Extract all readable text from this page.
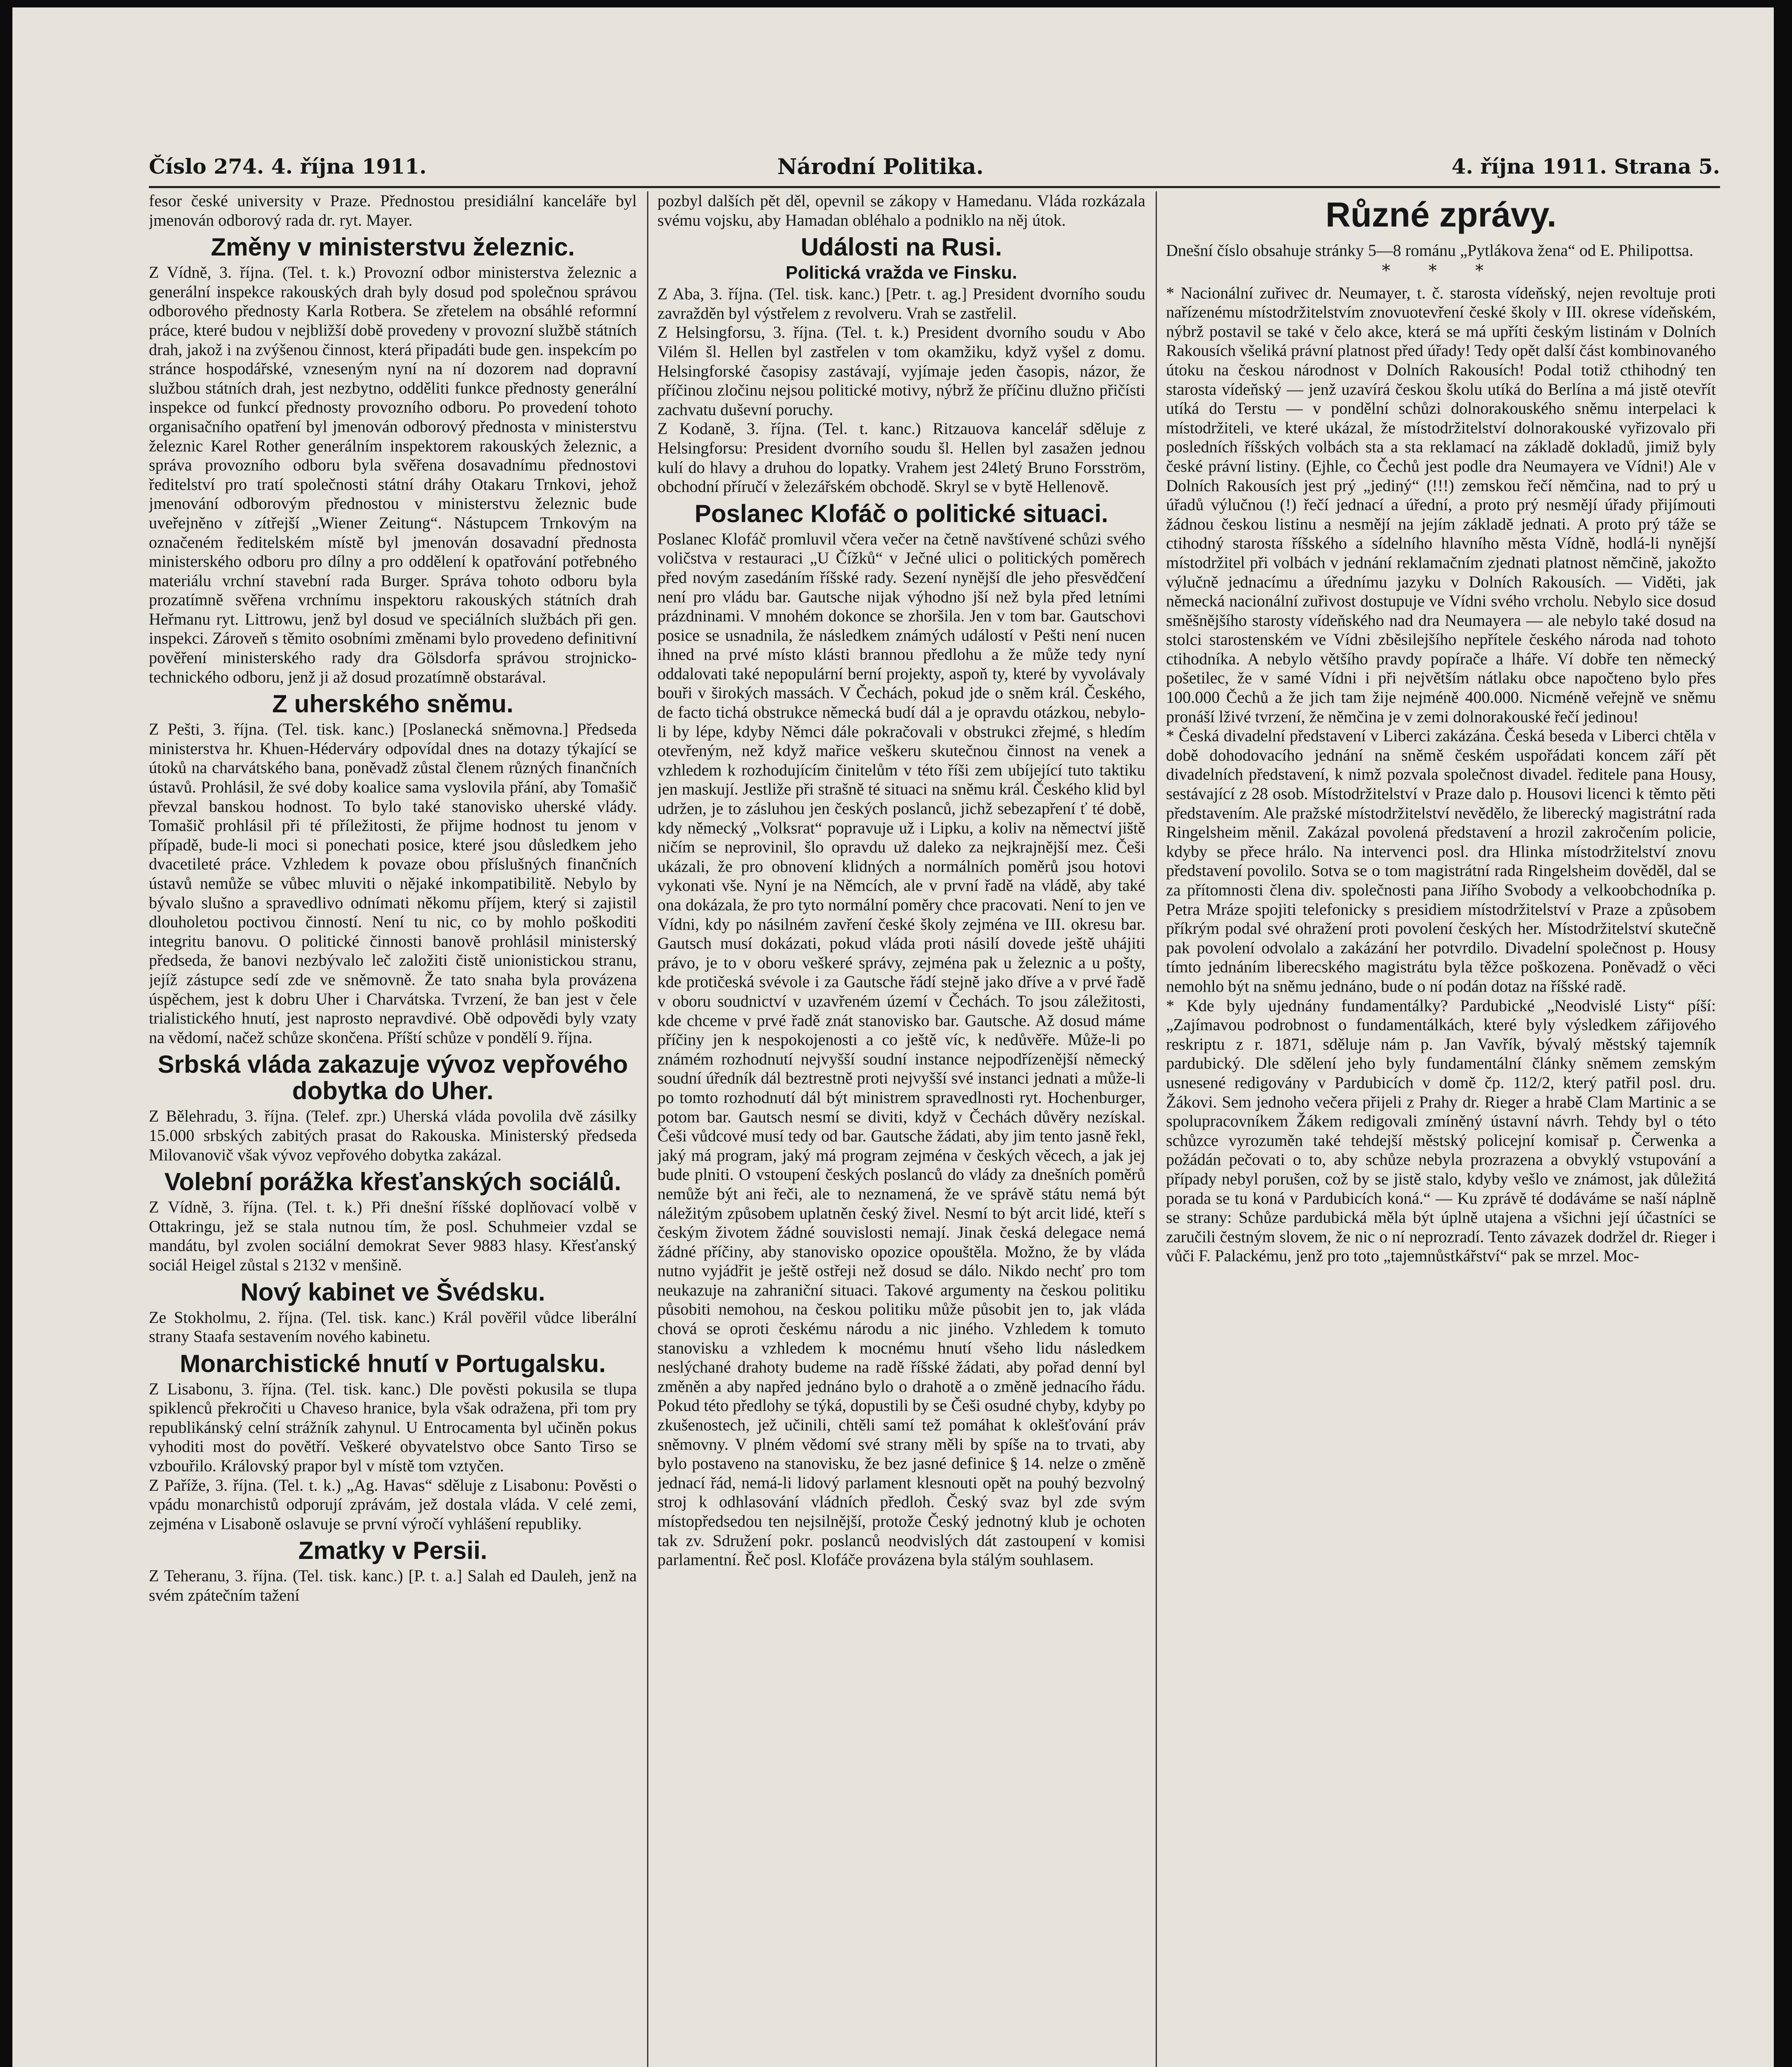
Číslo 274. 4. října 1911.	Národní Politika.	4. října 1911. Strana 5.

fesor české university v Praze. Přednostou presidiální kanceláře byl jmenován odborový rada dr. ryt. Mayer.

Změny v ministerstvu železnic.

Z Vídně, 3. října. (Tel. t. k.) Provozní odbor ministerstva železnic a generální inspekce rakouských drah byly dosud pod společnou správou odborového přednosty Karla Rotbera. Se zřetelem na obsáhlé reformní práce, které budou v nejbližší době provedeny v provozní službě státních drah, jakož i na zvýšenou činnost, která připadáti bude gen. inspekcím po stránce hospodářské, vzneseným nyní na ní dozorem nad dopravní službou státních drah, jest nezbytno, odděliti funkce přednosty generální inspekce od funkcí přednosty provozního odboru. Po provedení tohoto organisačního opatření byl jmenován odborový přednosta v ministerstvu železnic Karel Rother generálním inspektorem rakouských železnic, a správa provozního odboru byla svěřena dosavadnímu přednostovi ředitelství pro tratí společnosti státní dráhy Otakaru Trnkovi, jehož jmenování odborovým přednostou v ministerstvu železnic bude uveřejněno v zítřejší „Wiener Zeitung“. Nástupcem Trnkovým na označeném ředitelském místě byl jmenován dosavadní přednosta ministerského odboru pro dílny a pro oddělení k opatřování potřebného materiálu vrchní stavební rada Burger. Správa tohoto odboru byla prozatímně svěřena vrchnímu inspektoru rakouských státních drah Heřmanu ryt. Littrowu, jenž byl dosud ve speciálních službách při gen. inspekci. Zároveň s těmito osobními změnami bylo provedeno definitivní pověření ministerského rady dra Gölsdorfa správou strojnicko-technického odboru, jenž ji až dosud prozatímně obstarával.

Z uherského sněmu.

Z Pešti, 3. října. (Tel. tisk. kanc.) [Poslanecká sněmovna.] Předseda ministerstva hr. Khuen-Héderváry odpovídal dnes na dotazy týkající se útoků na charvátského bana, poněvadž zůstal členem různých finančních ústavů. Prohlásil, že své doby koalice sama vyslovila přání, aby Tomašič převzal banskou hodnost. To bylo také stanovisko uherské vlády. Tomašič prohlásil při té příležitosti, že přijme hodnost tu jenom v případě, bude-li moci si ponechati posice, které jsou důsledkem jeho dvacetileté práce. Vzhledem k povaze obou příslušných finančních ústavů nemůže se vůbec mluviti o nějaké inkompatibilitě. Nebylo by bývalo slušno a spravedlivo odnímati někomu příjem, který si zajistil dlouholetou poctivou činností. Není tu nic, co by mohlo poškoditi integritu banovu. O politické činnosti banově prohlásil ministerský předseda, že banovi nezbývalo leč založiti čistě unionistickou stranu, jejíž zástupce sedí zde ve sněmovně. Že tato snaha byla provázena úspěchem, jest k dobru Uher i Charvátska. Tvrzení, že ban jest v čele trialistického hnutí, jest naprosto nepravdivé. Obě odpovědi byly vzaty na vědomí, načež schůze skončena. Příští schůze v pondělí 9. října.

Srbská vláda zakazuje vývoz vepřového dobytka do Uher.

Z Bělehradu, 3. října. (Telef. zpr.) Uherská vláda povolila dvě zásilky 15.000 srbských zabitých prasat do Rakouska. Ministerský předseda Milovanovič však vývoz vepřového dobytka zakázal.

Volební porážka křesťanských sociálů.

Z Vídně, 3. října. (Tel. t. k.) Při dnešní říšské doplňovací volbě v Ottakringu, jež se stala nutnou tím, že posl. Schuhmeier vzdal se mandátu, byl zvolen sociální demokrat Sever 9883 hlasy. Křesťanský sociál Heigel zůstal s 2132 v menšině.

Nový kabinet ve Švédsku.

Ze Stokholmu, 2. října. (Tel. tisk. kanc.) Král pověřil vůdce liberální strany Staafa sestavením nového kabinetu.

Monarchistické hnutí v Portugalsku.

Z Lisabonu, 3. října. (Tel. tisk. kanc.) Dle pověsti pokusila se tlupa spiklenců překročiti u Chaveso hranice, byla však odražena, při tom pry republikánský celní strážník zahynul. U Entrocamenta byl učiněn pokus vyhoditi most do povětří. Veškeré obyvatelstvo obce Santo Tirso se vzbouřilo. Královský prapor byl v místě tom vztyčen.

Z Paříže, 3. října. (Tel. t. k.) „Ag. Havas“ sděluje z Lisabonu: Pověsti o vpádu monarchistů odporují zprávám, jež dostala vláda. V celé zemi, zejména v Lisaboně oslavuje se první výročí vyhlášení republiky.

Zmatky v Persii.

Z Teheranu, 3. října. (Tel. tisk. kanc.) [P. t. a.] Salah ed Dauleh, jenž na svém zpátečním tažení

pozbyl dalších pět děl, opevnil se zákopy v Hamedanu. Vláda rozkázala svému vojsku, aby Hamadan obléhalo a podniklo na něj útok.

Události na Rusi.
Politická vražda ve Finsku.

Z Aba, 3. října. (Tel. tisk. kanc.) [Petr. t. ag.] President dvorního soudu zavražděn byl výstřelem z revolveru. Vrah se zastřelil.

Z Helsingforsu, 3. října. (Tel. t. k.) President dvorního soudu v Abo Vilém šl. Hellen byl zastřelen v tom okamžiku, když vyšel z domu. Helsingforské časopisy zastávají, vyjímaje jeden časopis, názor, že příčinou zločinu nejsou politické motivy, nýbrž že příčinu dlužno přičísti zachvatu duševní poruchy.

Z Kodaně, 3. října. (Tel. t. kanc.) Ritzauova kancelář sděluje z Helsingforsu: President dvorního soudu šl. Hellen byl zasažen jednou kulí do hlavy a druhou do lopatky. Vrahem jest 24letý Bruno Forsström, obchodní příručí v železářském obchodě. Skryl se v bytě Hellenově.

Poslanec Klofáč o politické situaci.

Poslanec Klofáč promluvil včera večer na četně navštívené schůzi svého voličstva v restauraci „U Čížků“ v Ječné ulici o politických poměrech před novým zasedáním říšské rady. Sezení nynější dle jeho přesvědčení není pro vládu bar. Gautsche nijak výhodno jší než byla před letními prázdninami. V mnohém dokonce se zhoršila. Jen v tom bar. Gautschovi posice se usnadnila, že následkem známých událostí v Pešti není nucen ihned na prvé místo klásti brannou předlohu a že může tedy nyní oddalovati také nepopulární berní projekty, aspoň ty, které by vyvolávaly bouři v širokých massách. V Čechách, pokud jde o sněm král. Českého, de facto tichá obstrukce německá budí dál a je opravdu otázkou, nebylo-li by lépe, kdyby Němci dále pokračovali v obstrukci zřejmé, s hledím otevřeným, než když mařice veškeru skutečnou činnost na venek a vzhledem k rozhodujícím činitelům v této říši zem ubíjející tuto taktiku jen maskují. Jestliže při strašně té situaci na sněmu král. Českého klid byl udržen, je to zásluhou jen českých poslanců, jichž sebezapření ť té době, kdy německý „Volksrat“ popravuje už i Lipku, a koliv na němectví jiště ničím se neprovinil, šlo opravdu už daleko za nejkrajnější mez. Češi ukázali, že pro obnovení klidných a normálních poměrů jsou hotovi vykonati vše. Nyní je na Němcích, ale v první řadě na vládě, aby také ona dokázala, že pro tyto normální poměry chce pracovati. Není to jen ve Vídni, kdy po násilném zavření české školy zejména ve III. okresu bar. Gautsch musí dokázati, pokud vláda proti násilí dovede ještě uhájiti právo, je to v oboru veškeré správy, zejména pak u železnic a u pošty, kde protičeská svévole i za Gautsche řádí stejně jako dříve a v prvé řadě v oboru soudnictví v uzavřeném území v Čechách. To jsou záležitosti, kde chceme v prvé řadě znát stanovisko bar. Gautsche. Až dosud máme příčiny jen k nespokojenosti a co ještě víc, k nedůvěře. Může-li po známém rozhodnutí nejvyšší soudní instance nejpodřízenější německý soudní úředník dál beztrestně proti nejvyšší své instanci jednati a může-li po tomto rozhodnutí dál být ministrem spravedlnosti ryt. Hochenburger, potom bar. Gautsch nesmí se diviti, když v Čechách důvěry nezískal. Češi vůdcové musí tedy od bar. Gautsche žádati, aby jim tento jasně řekl, jaký má program, jaký má program zejména v českých věcech, a jak jej bude plniti. O vstoupení českých poslanců do vlády za dnešních poměrů nemůže být ani řeči, ale to neznamená, že ve správě státu nemá být náležitým způsobem uplatněn český živel. Nesmí to být arcit lidé, kteří s českým životem žádné souvislosti nemají. Jinak česká delegace nemá žádné příčiny, aby stanovisko opozice opouštěla. Možno, že by vláda nutno vyjádřit je ještě ostřeji než dosud se dálo. Nikdo nechť pro tom neukazuje na zahraniční situaci. Takové argumenty na českou politiku působiti nemohou, na českou politiku může působit jen to, jak vláda chová se oproti českému národu a nic jiného. Vzhledem k tomuto stanovisku a vzhledem k mocnému hnutí všeho lidu následkem neslýchané drahoty budeme na radě říšské žádati, aby pořad denní byl změněn a aby napřed jednáno bylo o drahotě a o změně jednacího řádu. Pokud této předlohy se týká, dopustili by se Češi osudné chyby, kdyby po zkušenostech, jež učinili, chtěli samí tež pomáhat k oklešťování práv sněmovny. V plném vědomí své strany měli by spíše na to trvati, aby bylo postaveno na stanovisku, že bez jasné definice § 14. nelze o změně jednací řád, nemá-li lidový parlament klesnouti opět na pouhý bezvolný stroj k odhlasování vládních předloh. Český svaz byl zde svým místopředsedou ten nejsilnější, protože Český jednotný klub je ochoten tak zv. Sdružení pokr. poslanců neodvislých dát zastoupení v komisi parlamentní. Řeč posl. Klofáče provázena byla stálým souhlasem.

Různé zprávy.

Dnešní číslo obsahuje stránky 5—8 románu „Pytlákova žena“ od E. Philipottsa.

* * *

* Nacionální zuřivec dr. Neumayer, t. č. starosta vídeňský, nejen revoltuje proti nařízenému místodržitelstvím znovuotevření české školy v III. okrese vídeňském, nýbrž postavil se také v čelo akce, která se má upříti českým listinám v Dolních Rakousích všeliká právní platnost před úřady! Tedy opět další část kombinovaného útoku na českou národnost v Dolních Rakousích! Podal totiž cthihodný ten starosta vídeňský — jenž uzavírá českou školu utíká do Berlína a má jistě otevřít utíká do Terstu — v pondělní schůzi dolnorakouského sněmu interpelaci k místodržiteli, ve které ukázal, že místodržitelství dolnorakouské vyřizovalo při posledních říšských volbách sta a sta reklamací na základě dokladů, jimiž byly české právní listiny. (Ejhle, co Čechů jest podle dra Neumayera ve Vídni!) Ale v Dolních Rakousích jest prý „jediný“ (!!!) zemskou řečí němčina, nad to prý u úřadů výlučnou (!) řečí jednací a úřední, a proto prý nesmějí úřady přijímouti žádnou českou listinu a nesmějí na jejím základě jednati. A proto prý táže se ctihodný starosta říšského a sídelního hlavního města Vídně, hodlá-li nynější místodržitel při volbách v jednání reklamačním zjednati platnost němčině, jakožto výlučně jednacímu a úřednímu jazyku v Dolních Rakousích. — Viděti, jak německá nacionální zuřivost dostupuje ve Vídni svého vrcholu. Nebylo sice dosud směšnějšího starosty vídeňského nad dra Neumayera — ale nebylo také dosud na stolci starostenském ve Vídni zběsilejšího nepřítele českého národa nad tohoto ctihodníka. A nebylo většího pravdy popírače a lháře. Ví dobře ten německý pošetilec, že v samé Vídni i při největším nátlaku obce napočteno bylo přes 100.000 Čechů a že jich tam žije nejméně 400.000. Nicméně veřejně ve sněmu pronáší lživé tvrzení, že němčina je v zemi dolnorakouské řečí jedinou!

* Česká divadelní představení v Liberci zakázána. Česká beseda v Liberci chtěla v době dohodovacího jednání na sněmě českém uspořádati koncem září pět divadelních představení, k nimž pozvala společnost divadel. ředitele pana Housy, sestávající z 28 osob. Místodržitelství v Praze dalo p. Housovi licenci k těmto pěti představením. Ale pražské místodržitelství nevědělo, že liberecký magistrátní rada Ringelsheim měnil. Zakázal povolená představení a hrozil zakročením policie, kdyby se přece hrálo. Na intervenci posl. dra Hlinka místodržitelství znovu představení povolilo. Sotva se o tom magistrátní rada Ringelsheim dověděl, dal se za přítomnosti člena div. společnosti pana Jiřího Svobody a velkoobchodníka p. Petra Mráze spojiti telefonicky s presidiem místodržitelství v Praze a způsobem příkrým podal své ohražení proti povolení českých her. Místodržitelství skutečně pak povolení odvolalo a zakázání her potvrdilo. Divadelní společnost p. Housy tímto jednáním liberecského magistrátu byla těžce poškozena. Poněvadž o věci nemohlo být na sněmu jednáno, bude o ní podán dotaz na říšské radě.

* Kde byly ujednány fundamentálky? Pardubické „Neodvislé Listy“ píší: „Zajímavou podrobnost o fundamentálkách, které byly výsledkem zářijového reskriptu z r. 1871, sděluje nám p. Jan Vavřík, bývalý městský tajemník pardubický. Dle sdělení jeho byly fundamentální články sněmem zemským usnesené redigovány v Pardubicích v domě čp. 112/2, který patřil posl. dru. Žákovi. Sem jednoho večera přijeli z Prahy dr. Rieger a hrabě Clam Martinic a se spolupracovníkem Žákem redigovali zmíněný ústavní návrh. Tehdy byl o této schůzce vyrozuměn také tehdejší městský policejní komisař p. Čerwenka a požádán pečovati o to, aby schůze nebyla prozrazena a obvyklý vstupování a případy nebyl porušen, což by se jistě stalo, kdyby vešlo ve známost, jak důležitá porada se tu koná v Pardubicích koná.“ — Ku zprávě té dodáváme se naší náplně se strany: Schůze pardubická měla být úplně utajena a všichni její účastníci se zaručili čestným slovem, že nic o ní neprozradí. Tento závazek dodržel dr. Rieger i vůči F. Palackému, jenž pro toto „tajemnůstkářství“ pak se mrzel. Moc-
